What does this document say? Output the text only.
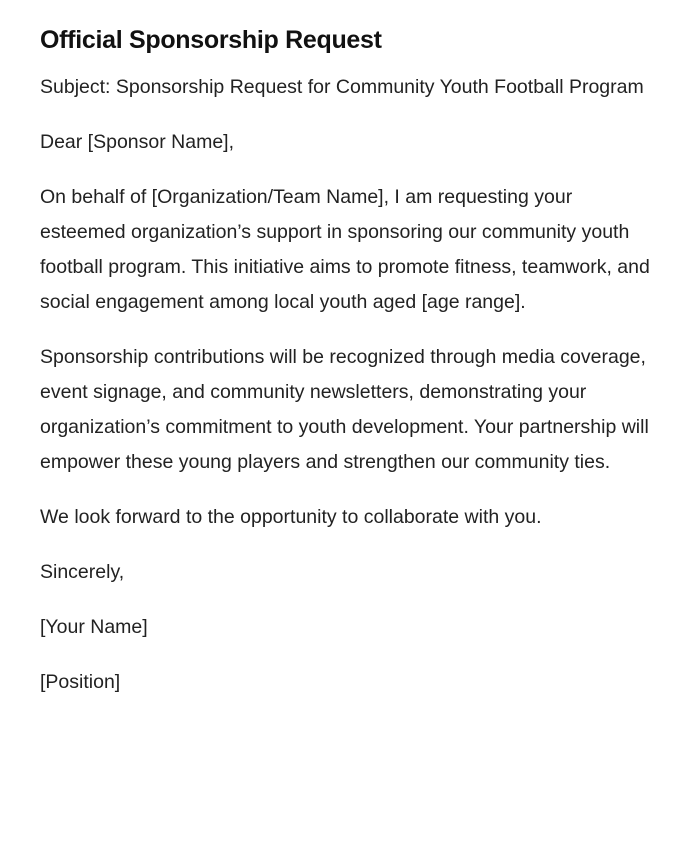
Official Sponsorship Request

Subject: Sponsorship Request for Community Youth Football Program

Dear [Sponsor Name],

On behalf of [Organization/Team Name], I am requesting your esteemed organization’s support in sponsoring our community youth football program. This initiative aims to promote fitness, teamwork, and social engagement among local youth aged [age range].

Sponsorship contributions will be recognized through media coverage, event signage, and community newsletters, demonstrating your organization’s commitment to youth development. Your partnership will empower these young players and strengthen our community ties.

We look forward to the opportunity to collaborate with you.

Sincerely,

[Your Name]

[Position]
